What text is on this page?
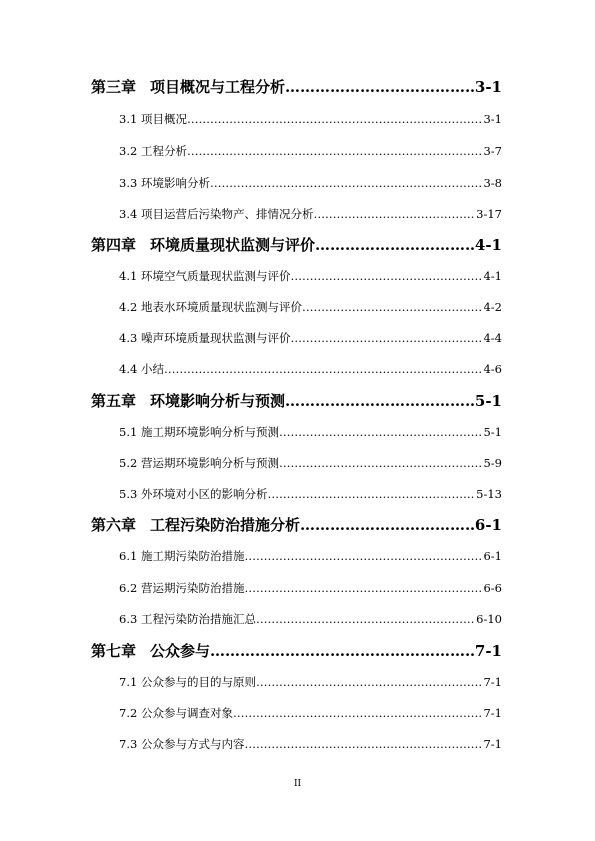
第三章 项目概况与工程分析 ……………………………………………………………………………………………………	3-1
3.1 项目概况 ………………………………………………………………………………………………………………………………………………………………	3-1
3.2 工程分析 ………………………………………………………………………………………………………………………………………………………………	3-7
3.3 环境影响分析 ………………………………………………………………………………………………………………………………………………………………	3-8
3.4 项目运营后污染物产、排情况分析 ………………………………………………………………………………………………………………………………………………………………	3-17
第四章 环境质量现状监测与评价 ……………………………………………………………………………………………………	4-1
4.1 环境空气质量现状监测与评价 ………………………………………………………………………………………………………………………………………………………………	4-1
4.2 地表水环境质量现状监测与评价 ………………………………………………………………………………………………………………………………………………………………	4-2
4.3 噪声环境质量现状监测与评价 ………………………………………………………………………………………………………………………………………………………………	4-4
4.4 小结 ………………………………………………………………………………………………………………………………………………………………	4-6
第五章 环境影响分析与预测 ……………………………………………………………………………………………………	5-1
5.1 施工期环境影响分析与预测 ………………………………………………………………………………………………………………………………………………………………	5-1
5.2 营运期环境影响分析与预测 ………………………………………………………………………………………………………………………………………………………………	5-9
5.3 外环境对小区的影响分析 ………………………………………………………………………………………………………………………………………………………………	5-13
第六章 工程污染防治措施分析 ……………………………………………………………………………………………………	6-1
6.1 施工期污染防治措施 ………………………………………………………………………………………………………………………………………………………………	6-1
6.2 营运期污染防治措施 ………………………………………………………………………………………………………………………………………………………………	6-6
6.3 工程污染防治措施汇总 ………………………………………………………………………………………………………………………………………………………………	6-10
第七章 公众参与 ……………………………………………………………………………………………………	7-1
7.1 公众参与的目的与原则 ………………………………………………………………………………………………………………………………………………………………	7-1
7.2 公众参与调查对象 ………………………………………………………………………………………………………………………………………………………………	7-1
7.3 公众参与方式与内容 ………………………………………………………………………………………………………………………………………………………………	7-1
II
